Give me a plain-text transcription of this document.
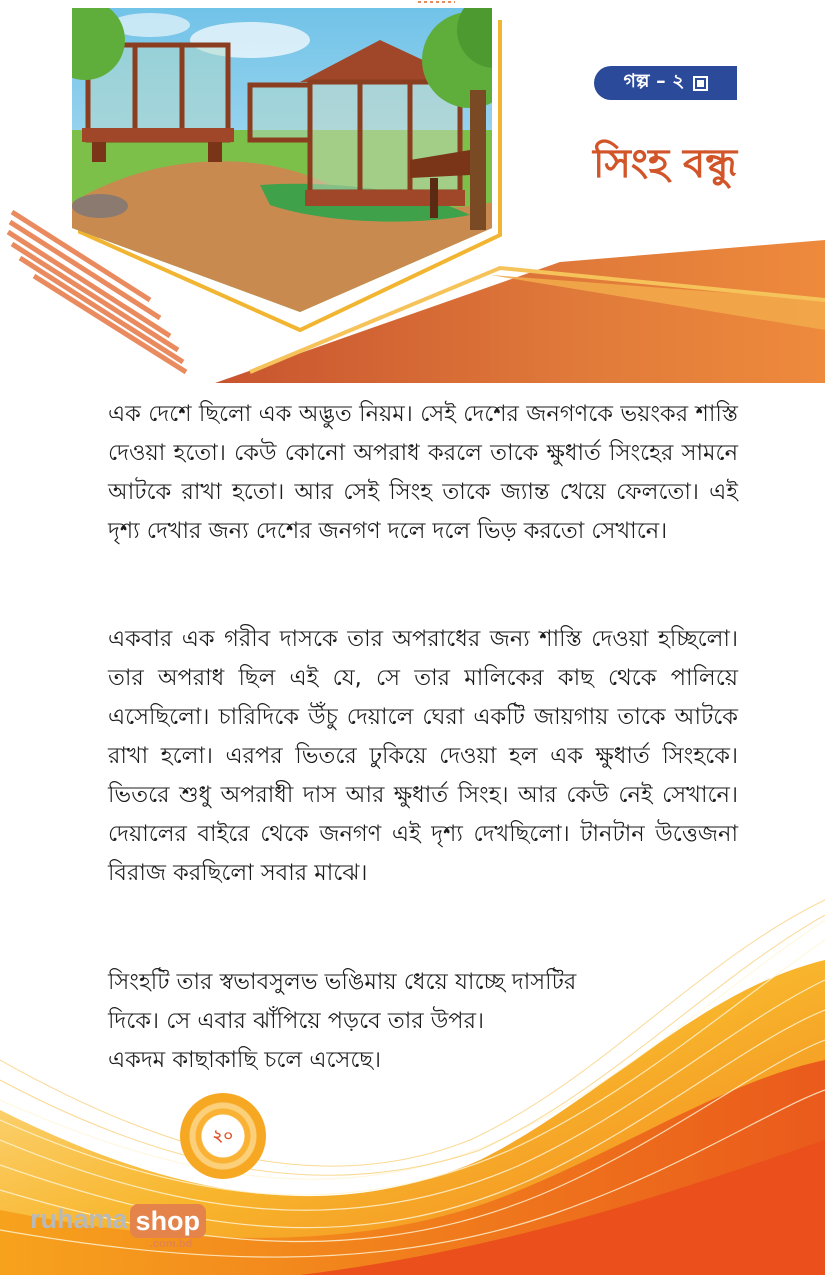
গল্প – ২
সিংহ বন্ধু

এক দেশে ছিলো এক অদ্ভুত নিয়ম। সেই দেশের জনগণকে ভয়ংকর শাস্তি দেওয়া হতো। কেউ কোনো অপরাধ করলে তাকে ক্ষুধার্ত সিংহের সামনে আটকে রাখা হতো। আর সেই সিংহ তাকে জ্যান্ত খেয়ে ফেলতো। এই দৃশ্য দেখার জন্য দেশের জনগণ দলে দলে ভিড় করতো সেখানে।

একবার এক গরীব দাসকে তার অপরাধের জন্য শাস্তি দেওয়া হচ্ছিলো। তার অপরাধ ছিল এই যে, সে তার মালিকের কাছ থেকে পালিয়ে এসেছিলো। চারিদিকে উঁচু দেয়ালে ঘেরা একটি জায়গায় তাকে আটকে রাখা হলো। এরপর ভিতরে ঢুকিয়ে দেওয়া হল এক ক্ষুধার্ত সিংহকে। ভিতরে শুধু অপরাধী দাস আর ক্ষুধার্ত সিংহ। আর কেউ নেই সেখানে। দেয়ালের বাইরে থেকে জনগণ এই দৃশ্য দেখছিলো। টানটান উত্তেজনা বিরাজ করছিলো সবার মাঝে।

সিংহটি তার স্বভাবসুলভ ভঙিমায় ধেয়ে যাচ্ছে দাসটির
দিকে। সে এবার ঝাঁপিয়ে পড়বে তার উপর।
একদম কাছাকাছি চলে এসেছে।

২০
ruhama shop
.com.bd
